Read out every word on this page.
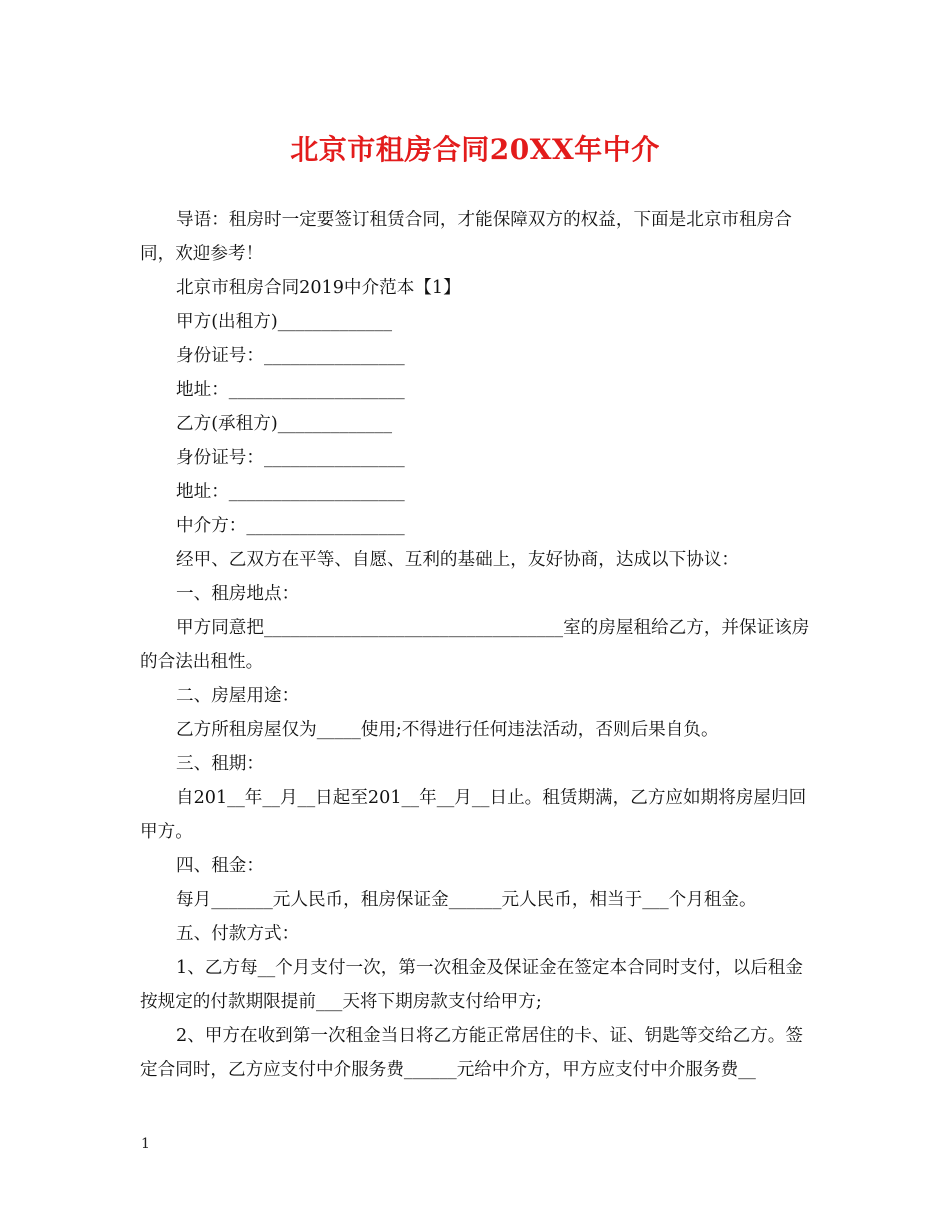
北京市租房合同20XX年中介

导语：租房时一定要签订租赁合同，才能保障双方的权益，下面是北京市租房合同，欢迎参考！

北京市租房合同2019中介范本【1】

甲方(出租方)_____________

身份证号：________________

地址：____________________

乙方(承租方)_____________

身份证号：________________

地址：____________________

中介方：__________________

经甲、乙双方在平等、自愿、互利的基础上，友好协商，达成以下协议：

一、租房地点：

甲方同意把__________________________________室的房屋租给乙方，并保证该房的合法出租性。

二、房屋用途：

乙方所租房屋仅为_____使用;不得进行任何违法活动，否则后果自负。

三、租期：

自201__年__月__日起至201__年__月__日止。租赁期满，乙方应如期将房屋归回甲方。

四、租金：

每月_______元人民币，租房保证金______元人民币，相当于___个月租金。

五、付款方式：

1、乙方每__个月支付一次，第一次租金及保证金在签定本合同时支付，以后租金按规定的付款期限提前___天将下期房款支付给甲方;

2、甲方在收到第一次租金当日将乙方能正常居住的卡、证、钥匙等交给乙方。签定合同时，乙方应支付中介服务费______元给中介方，甲方应支付中介服务费__

1
